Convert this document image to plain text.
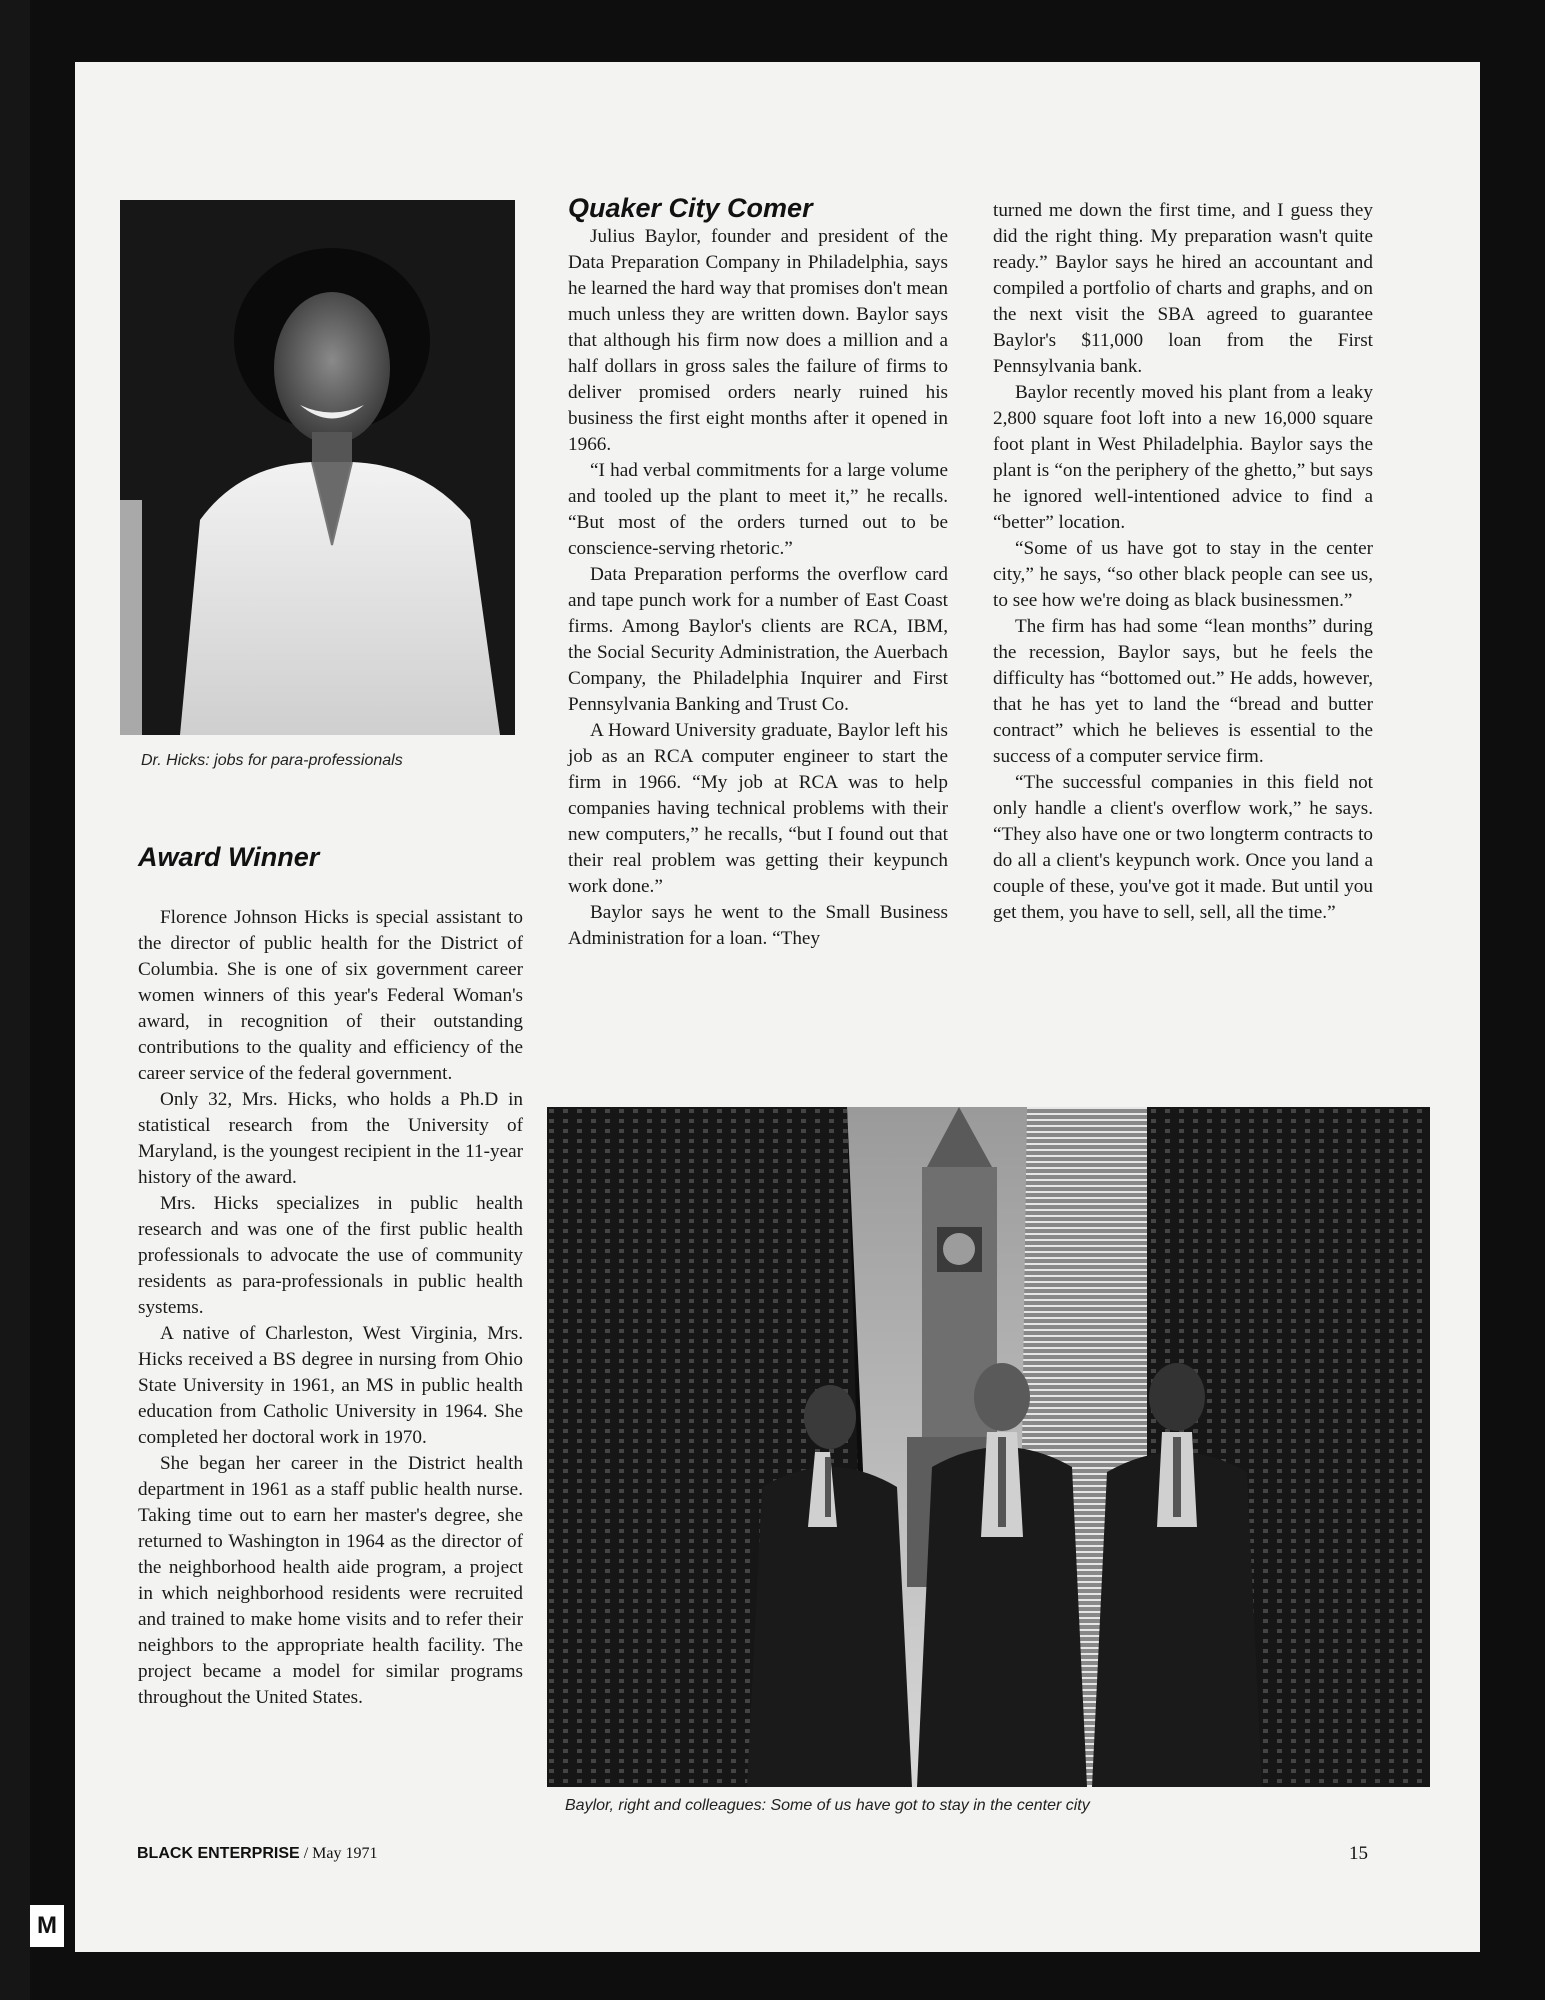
M
Dr. Hicks: jobs for para-professionals
Award Winner

Florence Johnson Hicks is special assistant to the director of public health for the District of Columbia. She is one of six government career women winners of this year's Federal Woman's award, in recognition of their outstanding contributions to the quality and efficiency of the career service of the federal government.

Only 32, Mrs. Hicks, who holds a Ph.D in statistical research from the University of Maryland, is the youngest recipient in the 11-year history of the award.

Mrs. Hicks specializes in public health research and was one of the first public health professionals to advocate the use of community residents as para-professionals in public health systems.

A native of Charleston, West Virginia, Mrs. Hicks received a BS degree in nursing from Ohio State University in 1961, an MS in public health education from Catholic University in 1964. She completed her doctoral work in 1970.

She began her career in the District health department in 1961 as a staff public health nurse. Taking time out to earn her master's degree, she returned to Washington in 1964 as the director of the neighborhood health aide program, a project in which neighborhood residents were recruited and trained to make home visits and to refer their neighbors to the appropriate health facility. The project became a model for similar programs throughout the United States.

Quaker City Comer

Julius Baylor, founder and president of the Data Preparation Company in Philadelphia, says he learned the hard way that promises don't mean much unless they are written down. Baylor says that although his firm now does a million and a half dollars in gross sales the failure of firms to deliver promised orders nearly ruined his business the first eight months after it opened in 1966.

“I had verbal commitments for a large volume and tooled up the plant to meet it,” he recalls. “But most of the orders turned out to be conscience-serving rhetoric.”

Data Preparation performs the overflow card and tape punch work for a number of East Coast firms. Among Baylor's clients are RCA, IBM, the Social Security Administration, the Auerbach Company, the Philadelphia Inquirer and First Pennsylvania Banking and Trust Co.

A Howard University graduate, Baylor left his job as an RCA computer engineer to start the firm in 1966. “My job at RCA was to help companies having technical problems with their new computers,” he recalls, “but I found out that their real problem was getting their keypunch work done.”

Baylor says he went to the Small Business Administration for a loan. “They

turned me down the first time, and I guess they did the right thing. My preparation wasn't quite ready.” Baylor says he hired an accountant and compiled a portfolio of charts and graphs, and on the next visit the SBA agreed to guarantee Baylor's $11,000 loan from the First Pennsylvania bank.

Baylor recently moved his plant from a leaky 2,800 square foot loft into a new 16,000 square foot plant in West Philadelphia. Baylor says the plant is “on the periphery of the ghetto,” but says he ignored well-intentioned advice to find a “better” location.

“Some of us have got to stay in the center city,” he says, “so other black people can see us, to see how we're doing as black businessmen.”

The firm has had some “lean months” during the recession, Baylor says, but he feels the difficulty has “bottomed out.” He adds, however, that he has yet to land the “bread and butter contract” which he believes is essential to the success of a computer service firm.

“The successful companies in this field not only handle a client's overflow work,” he says. “They also have one or two longterm contracts to do all a client's keypunch work. Once you land a couple of these, you've got it made. But until you get them, you have to sell, sell, all the time.”

Baylor, right and colleagues: Some of us have got to stay in the center city
BLACK ENTERPRISE / May 1971	15
